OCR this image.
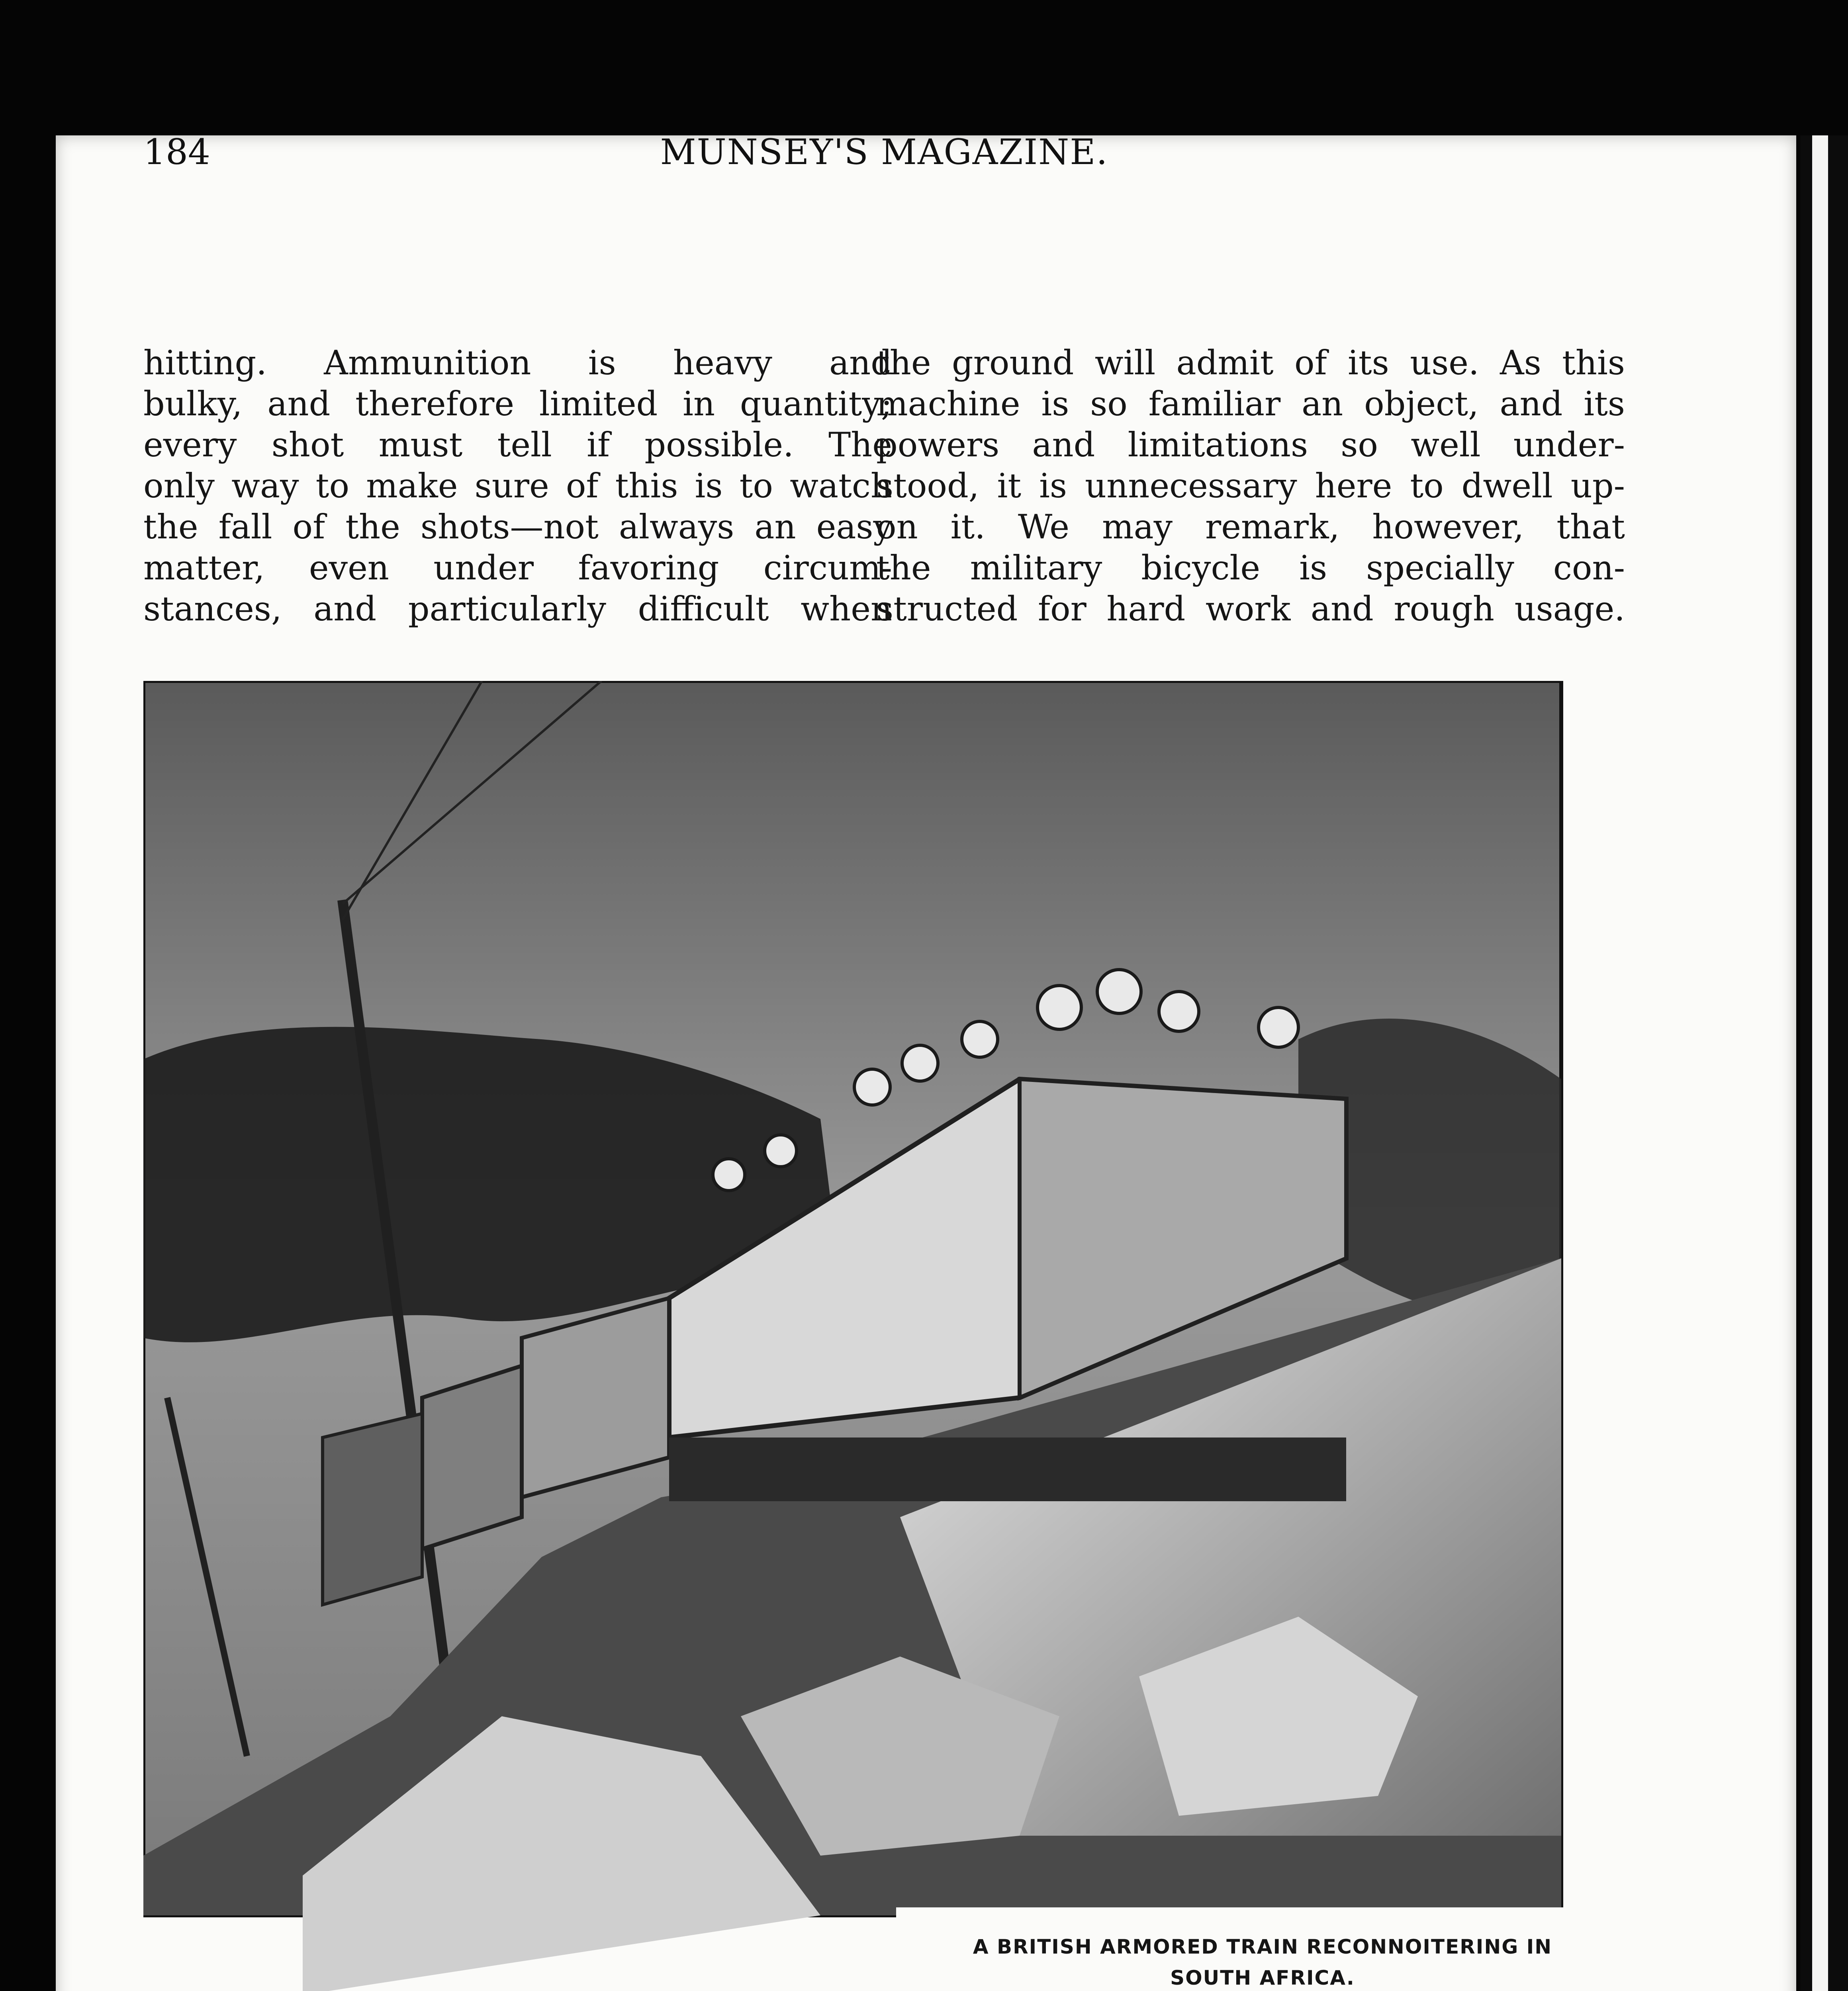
184	MUNSEY'S MAGAZINE.
hitting. Ammunition is heavy and
bulky, and therefore limited in quantity;
every shot must tell if possible. The
only way to make sure of this is to watch
the fall of the shots—not always an easy
matter, even under favoring circum-
stances, and particularly difficult when
the ground will admit of its use. As this
machine is so familiar an object, and its
powers and limitations so well under-
stood, it is unnecessary here to dwell up-
on it. We may remark, however, that
the military bicycle is specially con-
structed for hard work and rough usage.
A BRITISH ARMORED TRAIN RECONNOITERING IN
SOUTH AFRICA.
